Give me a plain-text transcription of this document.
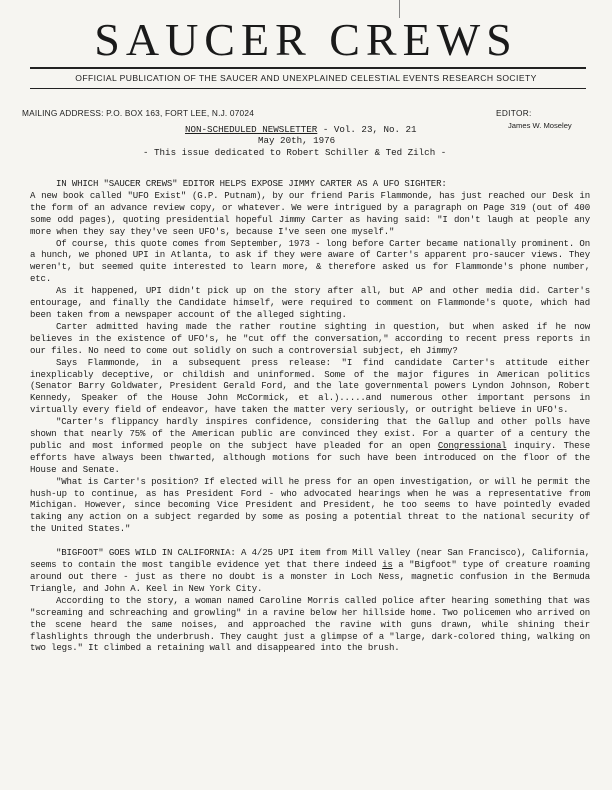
SAUCER CREWS
OFFICIAL PUBLICATION OF THE SAUCER AND UNEXPLAINED CELESTIAL EVENTS RESEARCH SOCIETY
MAILING ADDRESS: P.O. BOX 163, FORT LEE, N.J. 07024	EDITOR:
James W. Moseley
NON-SCHEDULED NEWSLETTER - Vol. 23, No. 21
May 20th, 1976
- This issue dedicated to Robert Schiller & Ted Zilch -

IN WHICH "SAUCER CREWS" EDITOR HELPS EXPOSE JIMMY CARTER AS A UFO SIGHTER:

A new book called "UFO Exist" (G.P. Putnam), by our friend Paris Flammonde, has just reached our Desk in the form of an advance review copy, or whatever. We were intrigued by a paragraph on Page 319 (out of 400 some odd pages), quoting presidential hopeful Jimmy Carter as having said: "I don't laugh at people any more when they say they've seen UFO's, because I've seen one myself."

Of course, this quote comes from September, 1973 - long before Carter became nationally prominent. On a hunch, we phoned UPI in Atlanta, to ask if they were aware of Carter's apparent pro-saucer views. They weren't, but seemed quite interested to learn more, & therefore asked us for Flammonde's phone number, etc.

As it happened, UPI didn't pick up on the story after all, but AP and other media did. Carter's entourage, and finally the Candidate himself, were required to comment on Flammonde's quote, which had been taken from a newspaper account of the alleged sighting.

Carter admitted having made the rather routine sighting in question, but when asked if he now believes in the existence of UFO's, he "cut off the conversation," according to recent press reports in our files. No need to come out solidly on such a controversial subject, eh Jimmy?

Says Flammonde, in a subsequent press release: "I find candidate Carter's attitude either inexplicably deceptive, or childish and uninformed. Some of the major figures in American politics (Senator Barry Goldwater, President Gerald Ford, and the late governmental powers Lyndon Johnson, Robert Kennedy, Speaker of the House John McCormick, et al.).....and numerous other important persons in virtually every field of endeavor, have taken the matter very seriously, or outright believe in UFO's.

"Carter's flippancy hardly inspires confidence, considering that the Gallup and other polls have shown that nearly 75% of the American public are convinced they exist. For a quarter of a century the public and most informed people on the subject have pleaded for an open Congressional inquiry. These efforts have always been thwarted, although motions for such have been introduced on the floor of the House and Senate.

"What is Carter's position? If elected will he press for an open investigation, or will he permit the hush-up to continue, as has President Ford - who advocated hearings when he was a representative from Michigan. However, since becoming Vice President and President, he too seems to have pointedly evaded taking any action on a subject regarded by some as posing a potential threat to the national security of the United States."

"BIGFOOT" GOES WILD IN CALIFORNIA: A 4/25 UPI item from Mill Valley (near San Francisco), California, seems to contain the most tangible evidence yet that there indeed is a "Bigfoot" type of creature roaming around out there - just as there no doubt is a monster in Loch Ness, magnetic confusion in the Bermuda Triangle, and John A. Keel in New York City.

According to the story, a woman named Caroline Morris called police after hearing something that was "screaming and schreaching and growling" in a ravine below her hillside home. Two policemen who arrived on the scene heard the same noises, and approached the ravine with guns drawn, while shining their flashlights through the underbrush. They caught just a glimpse of a "large, dark-colored thing, walking on two legs." It climbed a retaining wall and disappeared into the brush.
